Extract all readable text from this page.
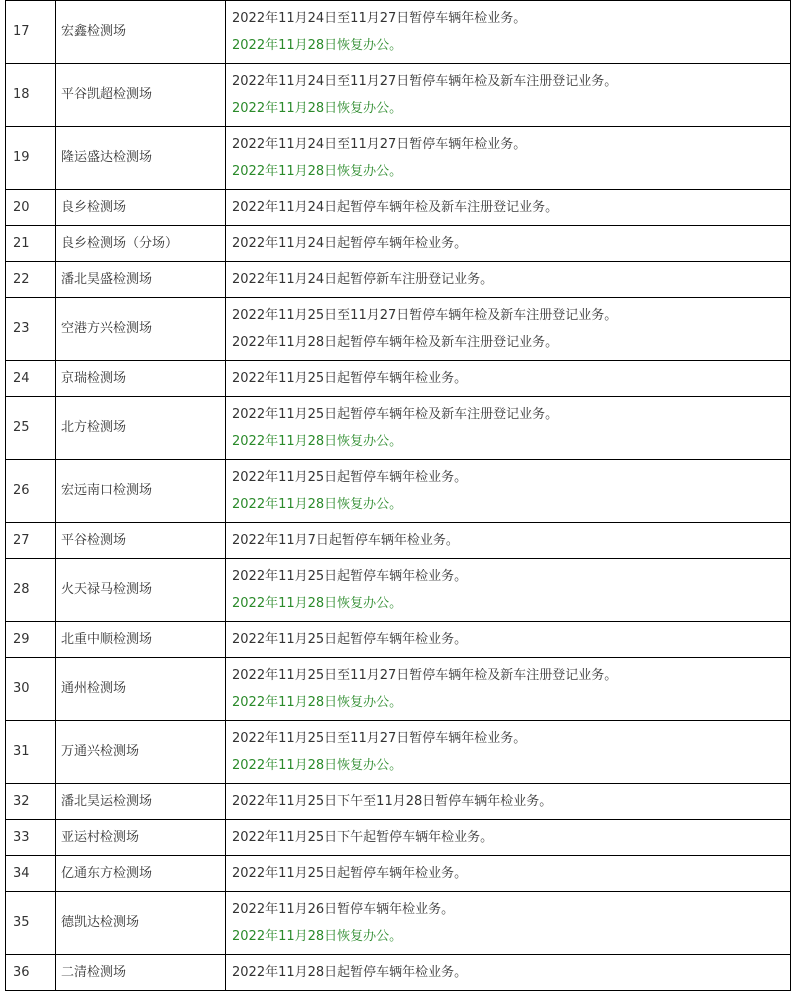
17	宏鑫检测场	2022年11月24日至11月27日暂停车辆年检业务。
2022年11月28日恢复办公。

18	平谷凯超检测场	2022年11月24日至11月27日暂停车辆年检及新车注册登记业务。
2022年11月28日恢复办公。

19	隆运盛达检测场	2022年11月24日至11月27日暂停车辆年检业务。
2022年11月28日恢复办公。

20	良乡检测场	2022年11月24日起暂停车辆年检及新车注册登记业务。

21	良乡检测场（分场）	2022年11月24日起暂停车辆年检业务。

22	潘北昊盛检测场	2022年11月24日起暂停新车注册登记业务。

23	空港方兴检测场	2022年11月25日至11月27日暂停车辆年检及新车注册登记业务。
2022年11月28日起暂停车辆年检及新车注册登记业务。

24	京瑞检测场	2022年11月25日起暂停车辆年检业务。

25	北方检测场	2022年11月25日起暂停车辆年检及新车注册登记业务。
2022年11月28日恢复办公。

26	宏远南口检测场	2022年11月25日起暂停车辆年检业务。
2022年11月28日恢复办公。

27	平谷检测场	2022年11月7日起暂停车辆年检业务。

28	火天禄马检测场	2022年11月25日起暂停车辆年检业务。
2022年11月28日恢复办公。

29	北重中顺检测场	2022年11月25日起暂停车辆年检业务。

30	通州检测场	2022年11月25日至11月27日暂停车辆年检及新车注册登记业务。
2022年11月28日恢复办公。

31	万通兴检测场	2022年11月25日至11月27日暂停车辆年检业务。
2022年11月28日恢复办公。

32	潘北昊运检测场	2022年11月25日下午至11月28日暂停车辆年检业务。

33	亚运村检测场	2022年11月25日下午起暂停车辆年检业务。

34	亿通东方检测场	2022年11月25日起暂停车辆年检业务。

35	德凯达检测场	2022年11月26日暂停车辆年检业务。
2022年11月28日恢复办公。

36	二清检测场	2022年11月28日起暂停车辆年检业务。
